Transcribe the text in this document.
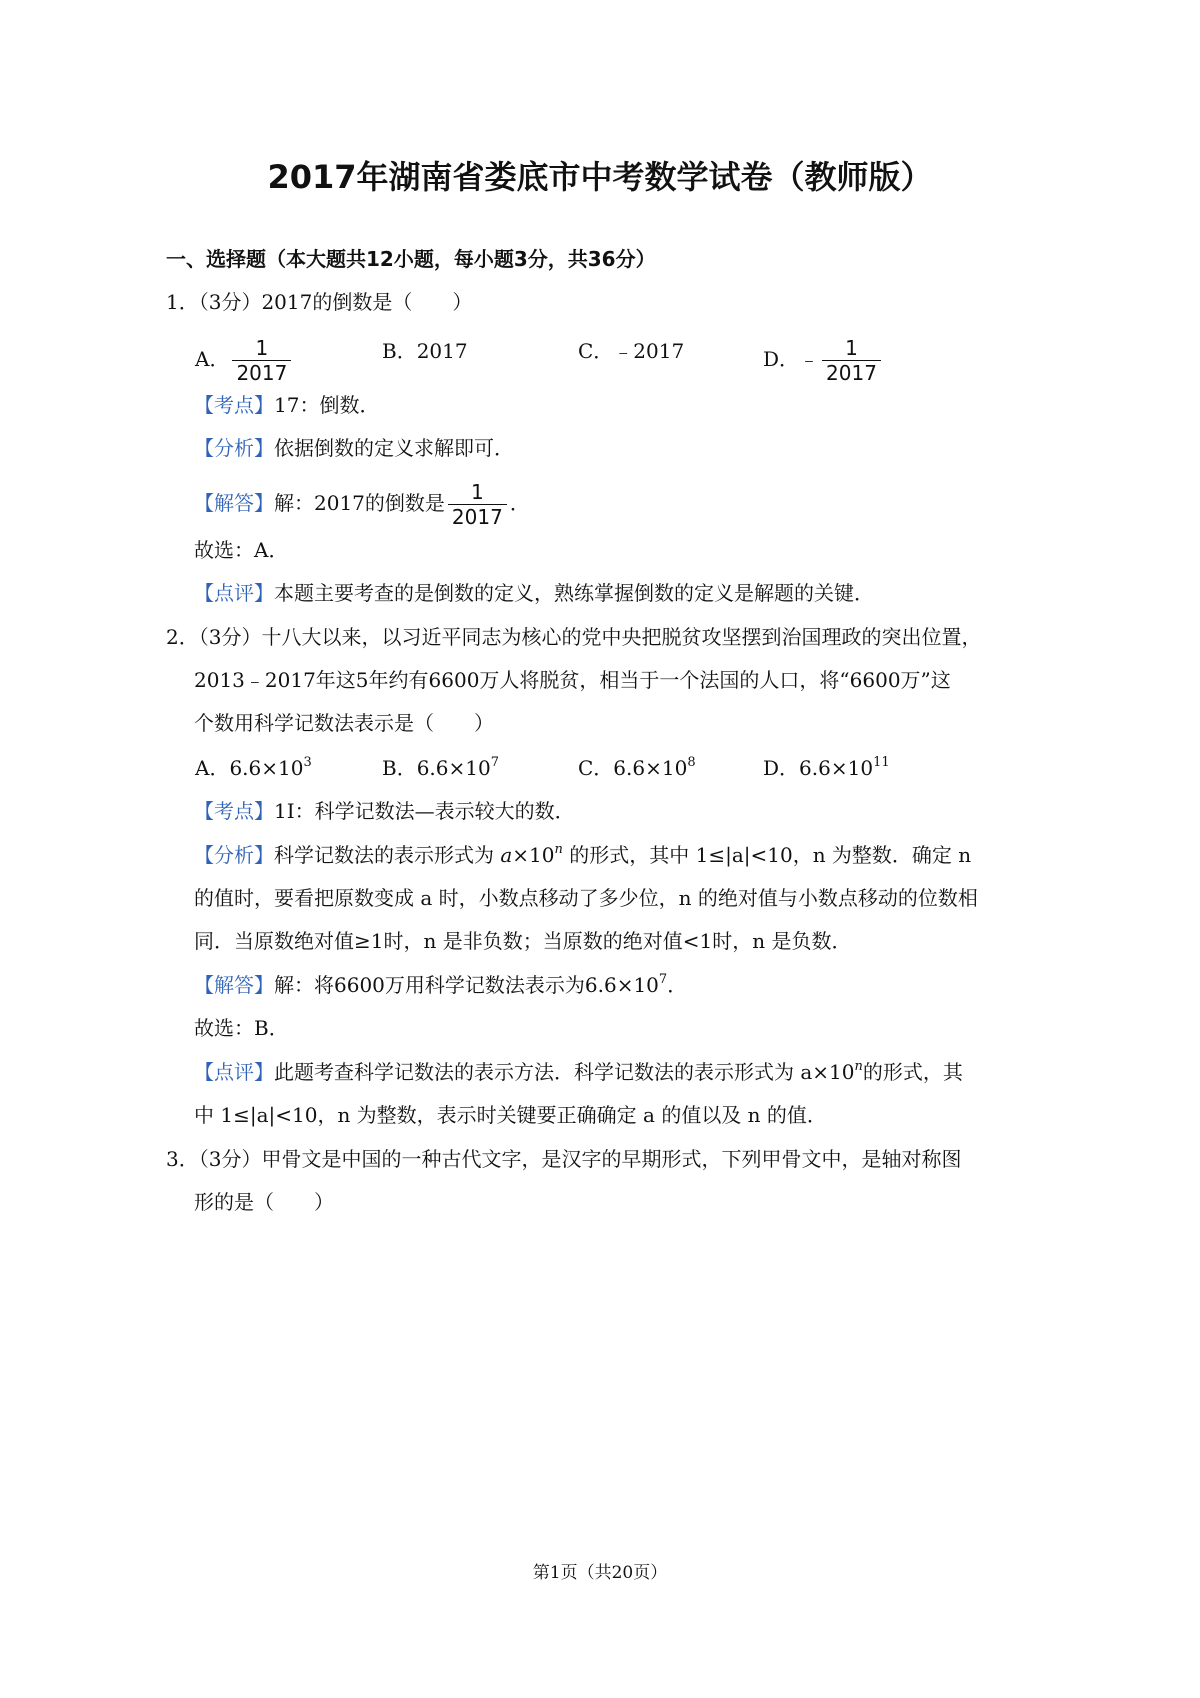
2017年湖南省娄底市中考数学试卷（教师版）
一、选择题（本大题共12小题，每小题3分，共36分）
1．（3分）2017的倒数是（　　）
A． $\frac{1}{2017}$	B．2017	C．﹣2017	D．﹣ $\frac{1}{2017}$
【考点】17：倒数．
【分析】依据倒数的定义求解即可．
【解答】解：2017的倒数是 $\frac{1}{2017}$ ．
故选：A．
【点评】本题主要考查的是倒数的定义，熟练掌握倒数的定义是解题的关键．
2．（3分）十八大以来，以习近平同志为核心的党中央把脱贫攻坚摆到治国理政的突出位置，
2013﹣2017年这5年约有6600万人将脱贫，相当于一个法国的人口，将“6600万”这
个数用科学记数法表示是（　　）
A．$6.6\times 10^3$	B．$6.6\times 10^7$	C．$6.6\times 10^8$	D．$6.6\times 10^{11}$
【考点】1I：科学记数法—表示较大的数．
【分析】科学记数法的表示形式为 $a\times 10^n$ 的形式，其中 1≤|a|<10，n 为整数．确定 n
的值时，要看把原数变成 a 时，小数点移动了多少位，n 的绝对值与小数点移动的位数相
同．当原数绝对值≥1时，n 是非负数；当原数的绝对值<1时，n 是负数．
【解答】解：将6600万用科学记数法表示为$6.6\times 10^7$．
故选：B．
【点评】此题考查科学记数法的表示方法．科学记数法的表示形式为 $a\times 10^n$的形式，其
中 1≤|a|<10，n 为整数，表示时关键要正确确定 a 的值以及 n 的值．
3．（3分）甲骨文是中国的一种古代文字，是汉字的早期形式，下列甲骨文中，是轴对称图
形的是（　　）
第1页（共20页）
